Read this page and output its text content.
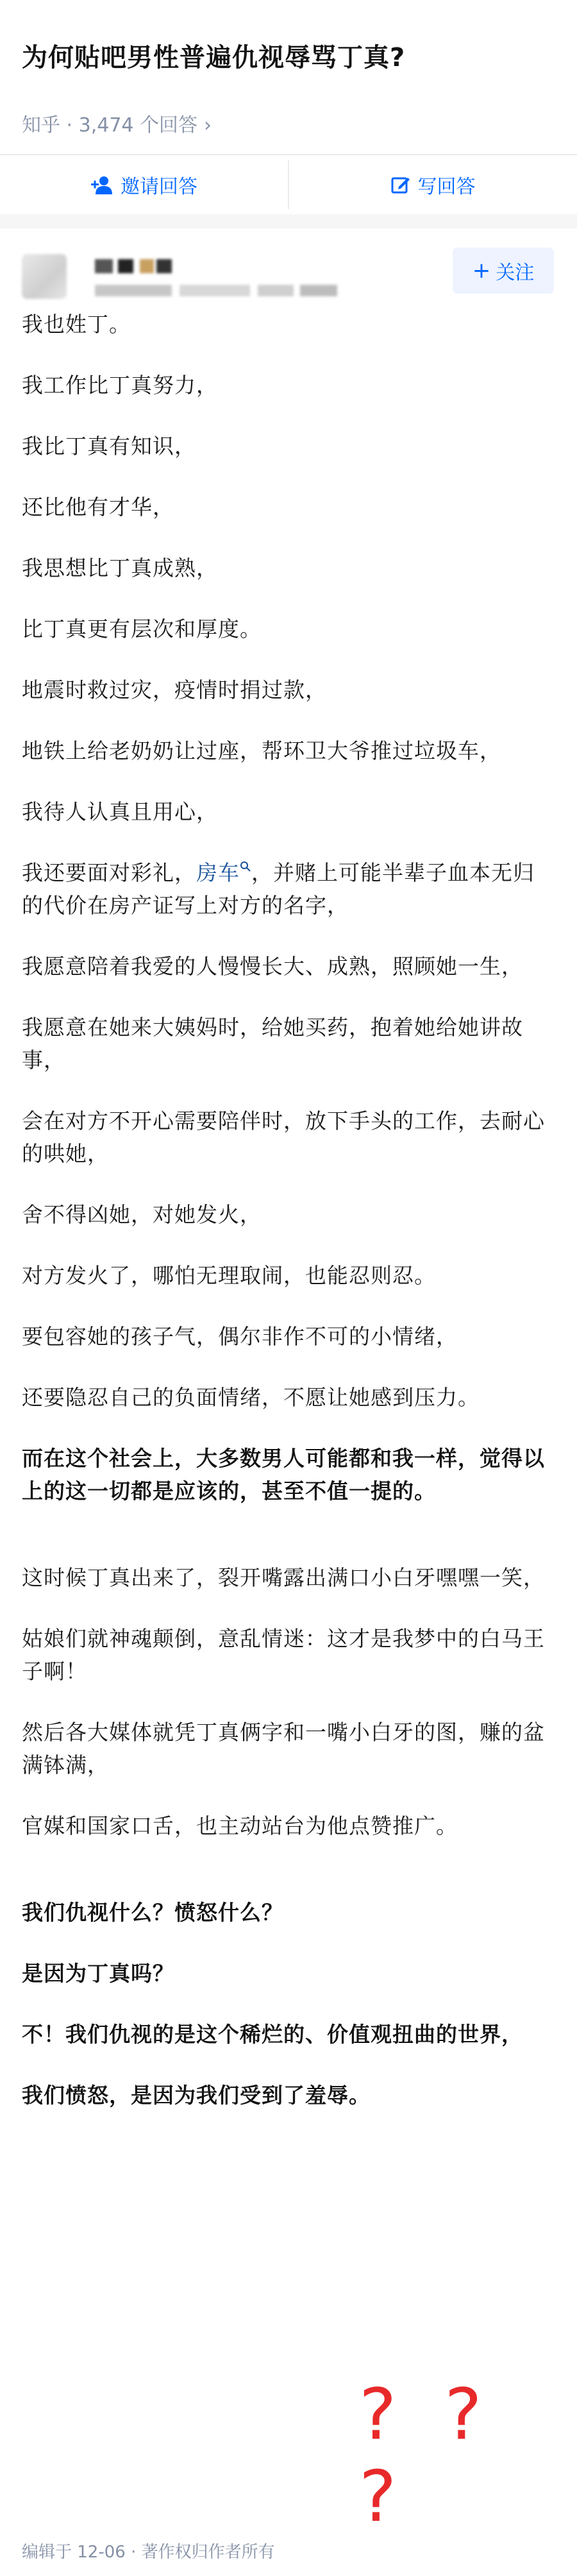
为何贴吧男性普遍仇视辱骂丁真?
知乎 · 3,474 个回答 ›
邀请回答	写回答
+ 关注

我也姓丁。

我工作比丁真努力，

我比丁真有知识，

还比他有才华，

我思想比丁真成熟，

比丁真更有层次和厚度。

地震时救过灾，疫情时捐过款，

地铁上给老奶奶让过座，帮环卫大爷推过垃圾车，

我待人认真且用心，

我还要面对彩礼，房车 ，并赌上可能半辈子血本无归的代价在房产证写上对方的名字，

我愿意陪着我爱的人慢慢长大、成熟，照顾她一生，

我愿意在她来大姨妈时，给她买药，抱着她给她讲故事，

会在对方不开心需要陪伴时，放下手头的工作，去耐心的哄她，

舍不得凶她，对她发火，

对方发火了，哪怕无理取闹，也能忍则忍。

要包容她的孩子气，偶尔非作不可的小情绪，

还要隐忍自己的负面情绪，不愿让她感到压力。

而在这个社会上，大多数男人可能都和我一样，觉得以上的这一切都是应该的，甚至不值一提的。

这时候丁真出来了，裂开嘴露出满口小白牙嘿嘿一笑，

姑娘们就神魂颠倒，意乱情迷：这才是我梦中的白马王子啊！

然后各大媒体就凭丁真俩字和一嘴小白牙的图，赚的盆满钵满，

官媒和国家口舌，也主动站台为他点赞推广。

我们仇视什么？愤怒什么？

是因为丁真吗？

不！我们仇视的是这个稀烂的、价值观扭曲的世界，

我们愤怒，是因为我们受到了羞辱。

? ? ?
编辑于 12-06 · 著作权归作者所有
